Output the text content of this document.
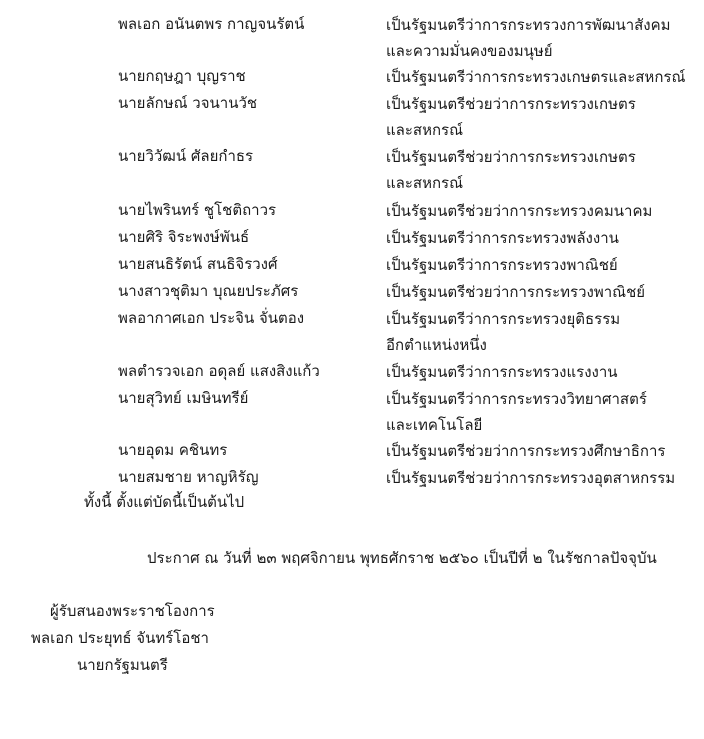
พลเอก อนันตพร กาญจนรัตน์	เป็นรัฐมนตรีว่าการกระทรวงการพัฒนาสังคม
และความมั่นคงของมนุษย์
นายกฤษฎา บุญราช	เป็นรัฐมนตรีว่าการกระทรวงเกษตรและสหกรณ์
นายลักษณ์ วจนานวัช	เป็นรัฐมนตรีช่วยว่าการกระทรวงเกษตร
และสหกรณ์
นายวิวัฒน์ ศัลยกำธร	เป็นรัฐมนตรีช่วยว่าการกระทรวงเกษตร
และสหกรณ์
นายไพรินทร์ ชูโชติถาวร	เป็นรัฐมนตรีช่วยว่าการกระทรวงคมนาคม
นายศิริ จิระพงษ์พันธ์	เป็นรัฐมนตรีว่าการกระทรวงพลังงาน
นายสนธิรัตน์ สนธิจิรวงศ์	เป็นรัฐมนตรีว่าการกระทรวงพาณิชย์
นางสาวชุติมา บุณยประภัศร	เป็นรัฐมนตรีช่วยว่าการกระทรวงพาณิชย์
พลอากาศเอก ประจิน จั่นตอง	เป็นรัฐมนตรีว่าการกระทรวงยุติธรรม
อีกตำแหน่งหนึ่ง
พลตำรวจเอก อดุลย์ แสงสิงแก้ว	เป็นรัฐมนตรีว่าการกระทรวงแรงงาน
นายสุวิทย์ เมษินทรีย์	เป็นรัฐมนตรีว่าการกระทรวงวิทยาศาสตร์
และเทคโนโลยี
นายอุดม คชินทร	เป็นรัฐมนตรีช่วยว่าการกระทรวงศึกษาธิการ
นายสมชาย หาญหิรัญ	เป็นรัฐมนตรีช่วยว่าการกระทรวงอุตสาหกรรม
ทั้งนี้ ตั้งแต่บัดนี้เป็นต้นไป
ประกาศ ณ วันที่ ๒๓ พฤศจิกายน พุทธศักราช ๒๕๖๐ เป็นปีที่ ๒ ในรัชกาลปัจจุบัน
ผู้รับสนองพระราชโองการ
พลเอก ประยุทธ์ จันทร์โอชา
นายกรัฐมนตรี
